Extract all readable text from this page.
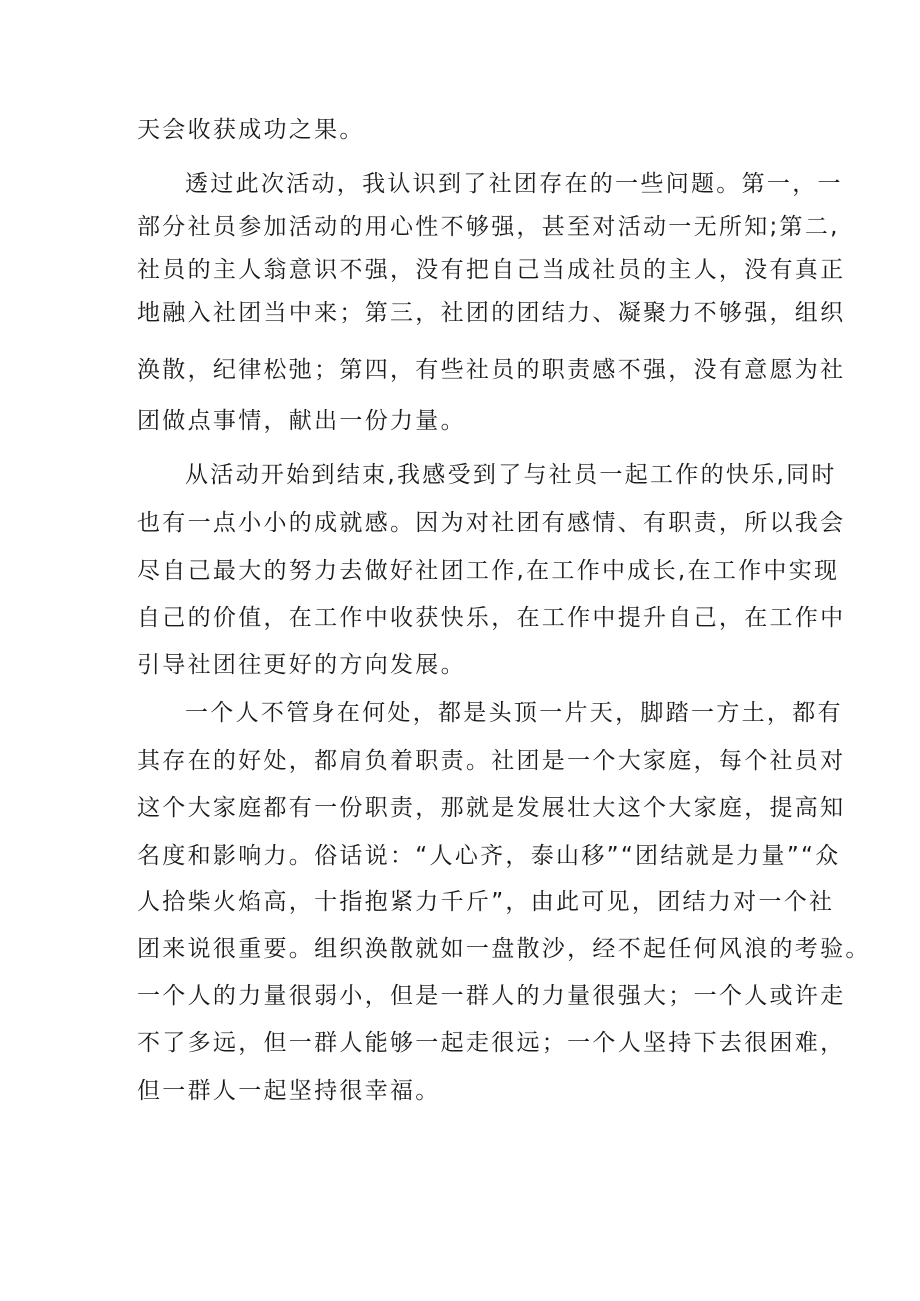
天会收获成功之果。
透过此次活动，我认识到了社团存在的一些问题。第一，一
部分社员参加活动的用心性不够强，甚至对活动一无所知;第二,
社员的主人翁意识不强，没有把自己当成社员的主人，没有真正
地融入社团当中来；第三，社团的团结力、凝聚力不够强，组织
涣散，纪律松弛；第四，有些社员的职责感不强，没有意愿为社
团做点事情，献出一份力量。
从活动开始到结束,我感受到了与社员一起工作的快乐,同时
也有一点小小的成就感。因为对社团有感情、有职责，所以我会
尽自己最大的努力去做好社团工作,在工作中成长,在工作中实现
自己的价值，在工作中收获快乐，在工作中提升自己，在工作中
引导社团往更好的方向发展。
一个人不管身在何处，都是头顶一片天，脚踏一方土，都有
其存在的好处，都肩负着职责。社团是一个大家庭，每个社员对
这个大家庭都有一份职责，那就是发展壮大这个大家庭，提高知
名度和影响力。俗话说：“人心齐，泰山移”“团结就是力量”“众
人拾柴火焰高，十指抱紧力千斤”，由此可见，团结力对一个社
团来说很重要。组织涣散就如一盘散沙，经不起任何风浪的考验。
一个人的力量很弱小，但是一群人的力量很强大；一个人或许走
不了多远，但一群人能够一起走很远；一个人坚持下去很困难，
但一群人一起坚持很幸福。
